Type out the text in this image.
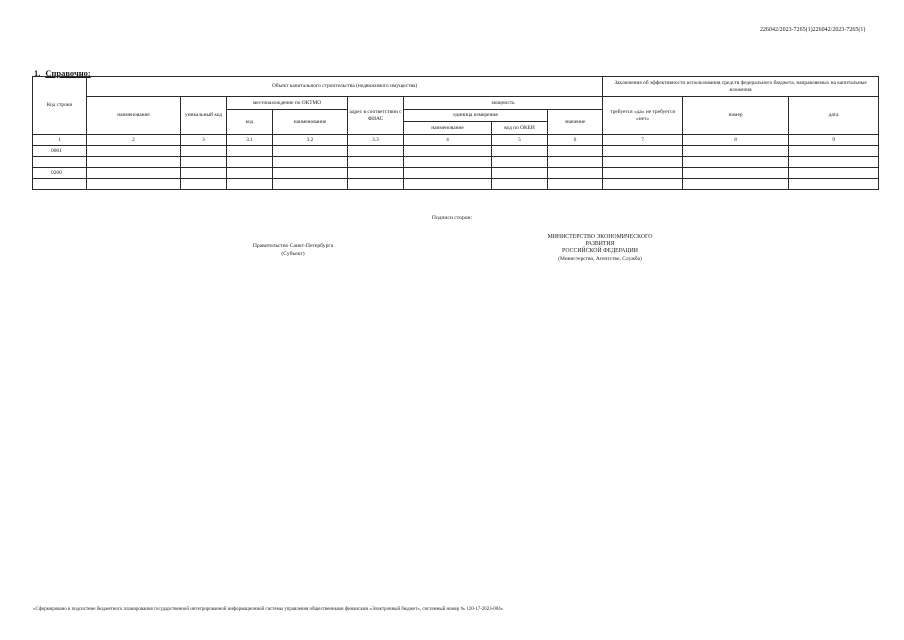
226042/2023-7265(1)226042/2023-7265(1)
1. Справочно:
Код строки	Объект капитального строительства (недвижимого имущества)								Заключение об эффективности использования средств федерального бюджета, направляемых на капитальные вложения		
	наименование	уникальный код	местонахождение по ОКТМО		адрес в соответствии с ФИАС	мощность			требуется «да» не требуется «нет»	номер	дата
			код	наименование		единица измерения		значение			
						наименование	код по ОКЕИ				
1	2	3	3.1	3.2	3.3	4	5	6	7	8	9
0001											

0200											

Подписи сторон:
Правительство Санкт-Петербурга
(Субъект)
МИНИСТЕРСТВО ЭКОНОМИЧЕСКОГО
РАЗВИТИЯ
РОССИЙСКОЙ ФЕДЕРАЦИИ
(Министерство, Агентство, Служба)
«Сформировано в подсистеме бюджетного планирования государственной интегрированной информационной системы управления общественными финансами «Электронный бюджет», системный номер № 120-17-2023-004»
